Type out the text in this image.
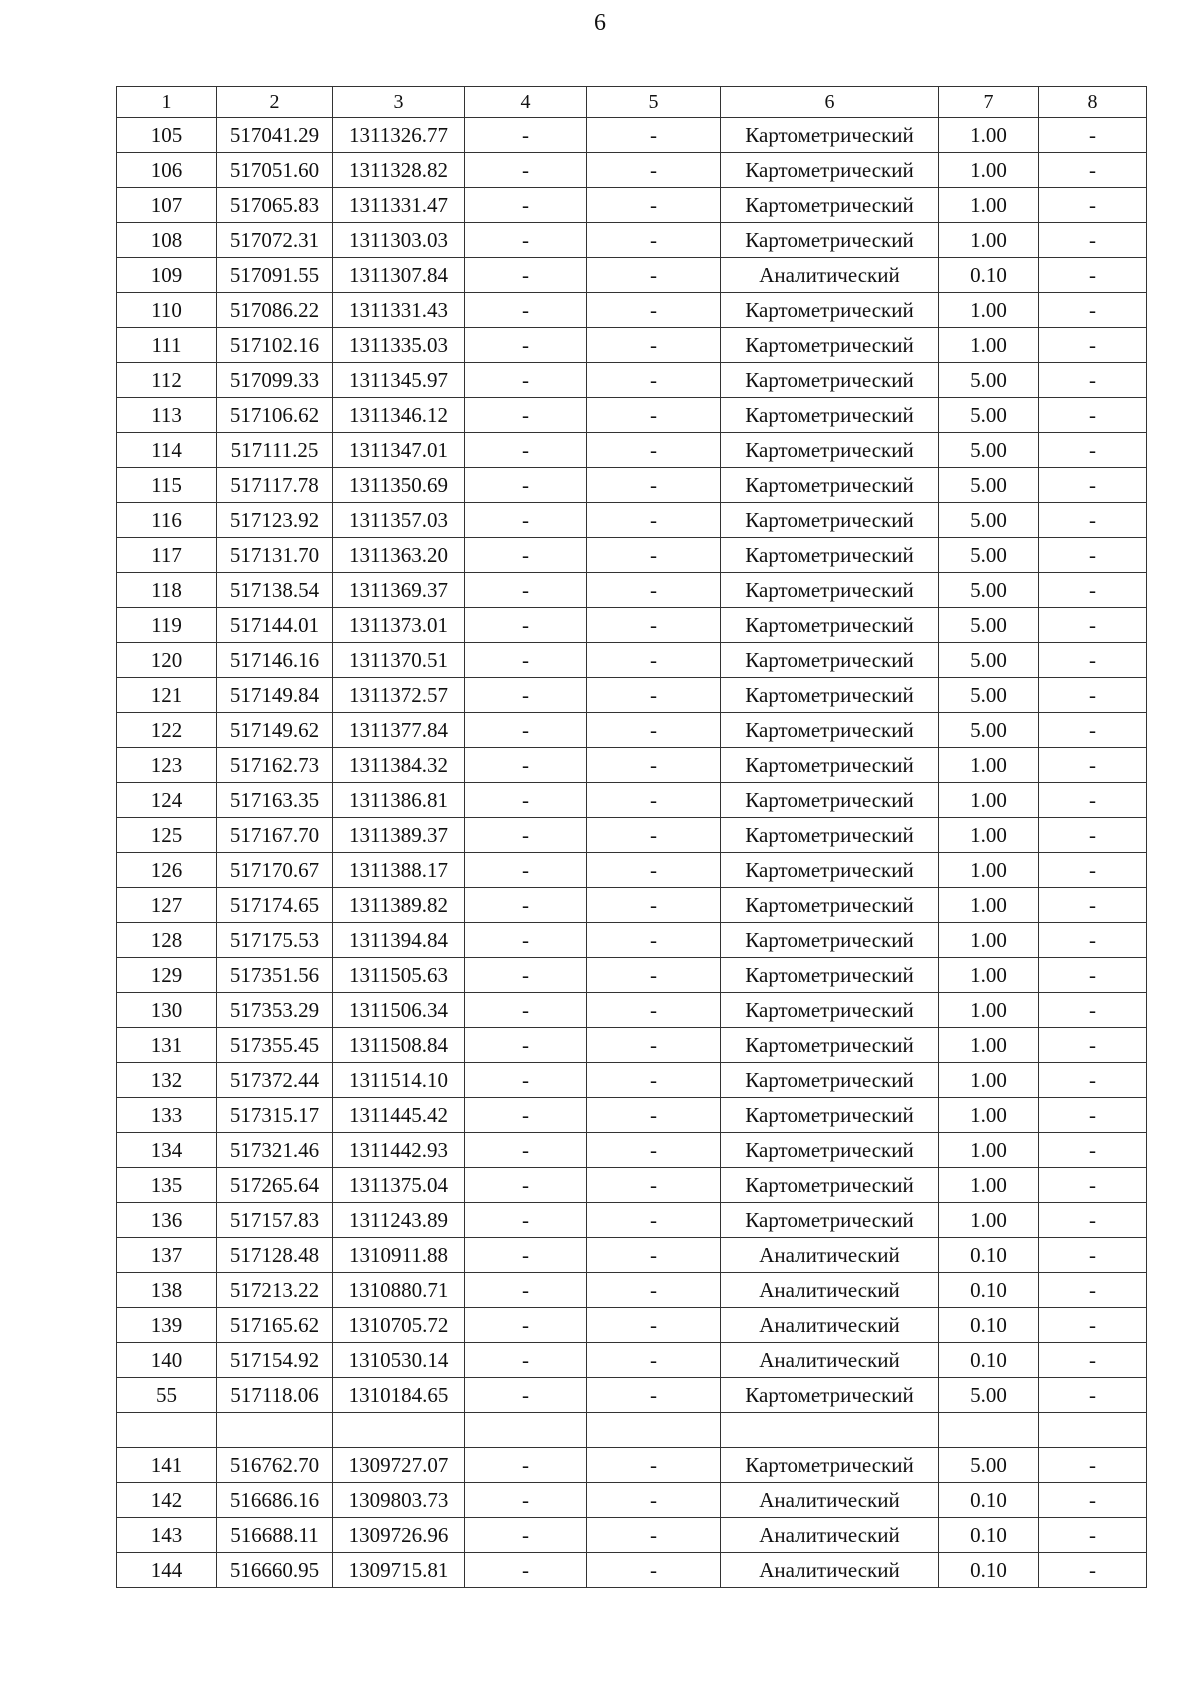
6
1	2	3	4	5	6	7	8
105	517041.29	1311326.77	-	-	Картометрический	1.00	-
106	517051.60	1311328.82	-	-	Картометрический	1.00	-
107	517065.83	1311331.47	-	-	Картометрический	1.00	-
108	517072.31	1311303.03	-	-	Картометрический	1.00	-
109	517091.55	1311307.84	-	-	Аналитический	0.10	-
110	517086.22	1311331.43	-	-	Картометрический	1.00	-
111	517102.16	1311335.03	-	-	Картометрический	1.00	-
112	517099.33	1311345.97	-	-	Картометрический	5.00	-
113	517106.62	1311346.12	-	-	Картометрический	5.00	-
114	517111.25	1311347.01	-	-	Картометрический	5.00	-
115	517117.78	1311350.69	-	-	Картометрический	5.00	-
116	517123.92	1311357.03	-	-	Картометрический	5.00	-
117	517131.70	1311363.20	-	-	Картометрический	5.00	-
118	517138.54	1311369.37	-	-	Картометрический	5.00	-
119	517144.01	1311373.01	-	-	Картометрический	5.00	-
120	517146.16	1311370.51	-	-	Картометрический	5.00	-
121	517149.84	1311372.57	-	-	Картометрический	5.00	-
122	517149.62	1311377.84	-	-	Картометрический	5.00	-
123	517162.73	1311384.32	-	-	Картометрический	1.00	-
124	517163.35	1311386.81	-	-	Картометрический	1.00	-
125	517167.70	1311389.37	-	-	Картометрический	1.00	-
126	517170.67	1311388.17	-	-	Картометрический	1.00	-
127	517174.65	1311389.82	-	-	Картометрический	1.00	-
128	517175.53	1311394.84	-	-	Картометрический	1.00	-
129	517351.56	1311505.63	-	-	Картометрический	1.00	-
130	517353.29	1311506.34	-	-	Картометрический	1.00	-
131	517355.45	1311508.84	-	-	Картометрический	1.00	-
132	517372.44	1311514.10	-	-	Картометрический	1.00	-
133	517315.17	1311445.42	-	-	Картометрический	1.00	-
134	517321.46	1311442.93	-	-	Картометрический	1.00	-
135	517265.64	1311375.04	-	-	Картометрический	1.00	-
136	517157.83	1311243.89	-	-	Картометрический	1.00	-
137	517128.48	1310911.88	-	-	Аналитический	0.10	-
138	517213.22	1310880.71	-	-	Аналитический	0.10	-
139	517165.62	1310705.72	-	-	Аналитический	0.10	-
140	517154.92	1310530.14	-	-	Аналитический	0.10	-
55	517118.06	1310184.65	-	-	Картометрический	5.00	-

141	516762.70	1309727.07	-	-	Картометрический	5.00	-
142	516686.16	1309803.73	-	-	Аналитический	0.10	-
143	516688.11	1309726.96	-	-	Аналитический	0.10	-
144	516660.95	1309715.81	-	-	Аналитический	0.10	-
